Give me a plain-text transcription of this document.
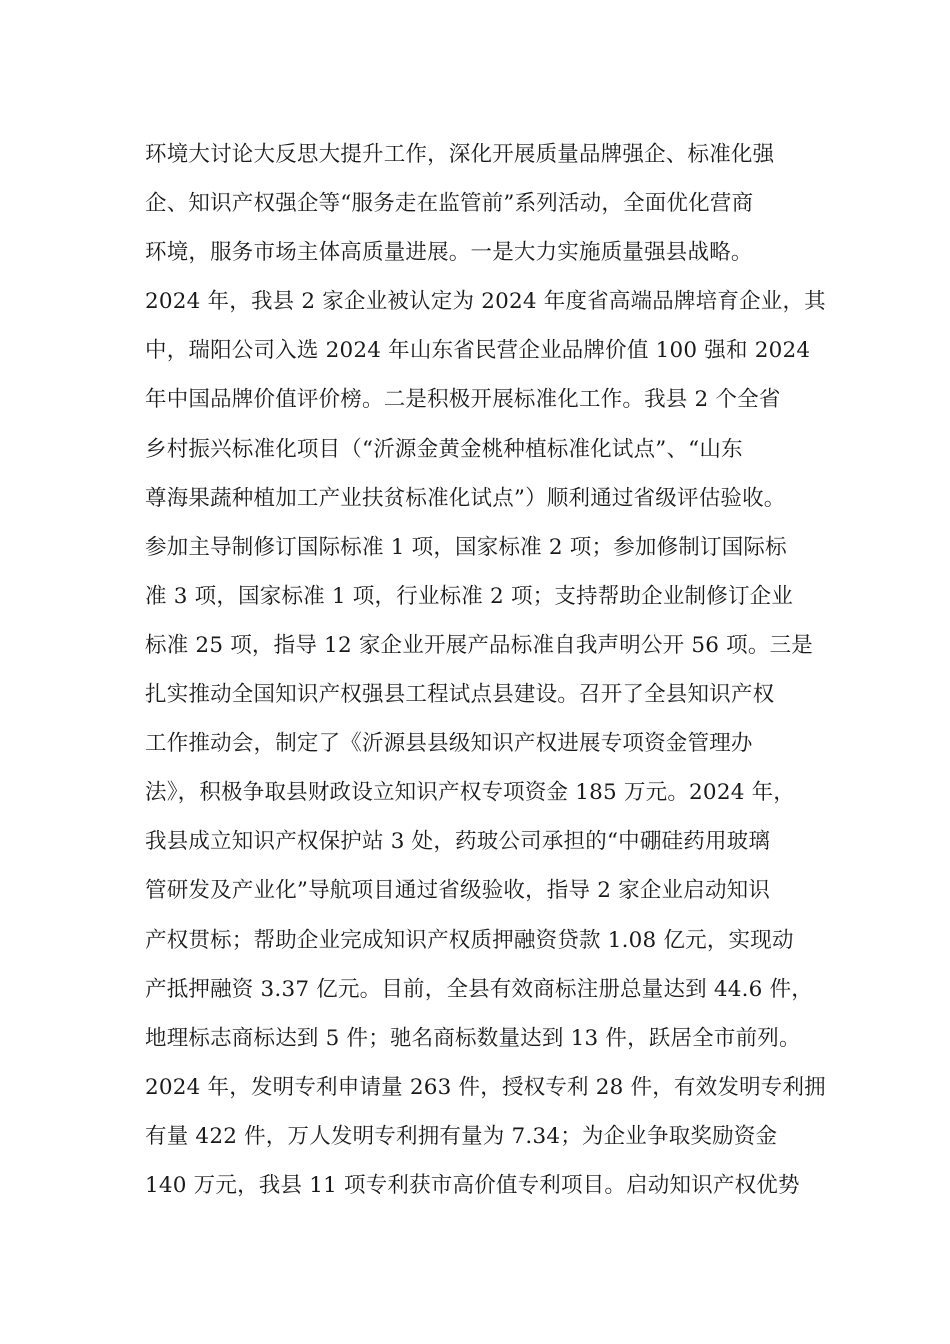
环境大讨论大反思大提升工作，深化开展质量品牌强企、标准化强
企、知识产权强企等“服务走在监管前”系列活动，全面优化营商
环境，服务市场主体高质量进展。一是大力实施质量强县战略。
2024 年，我县 2 家企业被认定为 2024 年度省高端品牌培育企业，其
中，瑞阳公司入选 2024 年山东省民营企业品牌价值 100 强和 2024
年中国品牌价值评价榜。二是积极开展标准化工作。我县 2 个全省
乡村振兴标准化项目（“沂源金黄金桃种植标准化试点”、“山东
尊海果蔬种植加工产业扶贫标准化试点”）顺利通过省级评估验收。
参加主导制修订国际标准 1 项，国家标准 2 项；参加修制订国际标
准 3 项，国家标准 1 项，行业标准 2 项；支持帮助企业制修订企业
标准 25 项，指导 12 家企业开展产品标准自我声明公开 56 项。三是
扎实推动全国知识产权强县工程试点县建设。召开了全县知识产权
工作推动会，制定了《沂源县县级知识产权进展专项资金管理办
法》，积极争取县财政设立知识产权专项资金 185 万元。2024 年，
我县成立知识产权保护站 3 处，药玻公司承担的“中硼硅药用玻璃
管研发及产业化”导航项目通过省级验收，指导 2 家企业启动知识
产权贯标；帮助企业完成知识产权质押融资贷款 1.08 亿元，实现动
产抵押融资 3.37 亿元。目前，全县有效商标注册总量达到 44.6 件，
地理标志商标达到 5 件；驰名商标数量达到 13 件，跃居全市前列。
2024 年，发明专利申请量 263 件，授权专利 28 件，有效发明专利拥
有量 422 件，万人发明专利拥有量为 7.34；为企业争取奖励资金
140 万元，我县 11 项专利获市高价值专利项目。启动知识产权优势
